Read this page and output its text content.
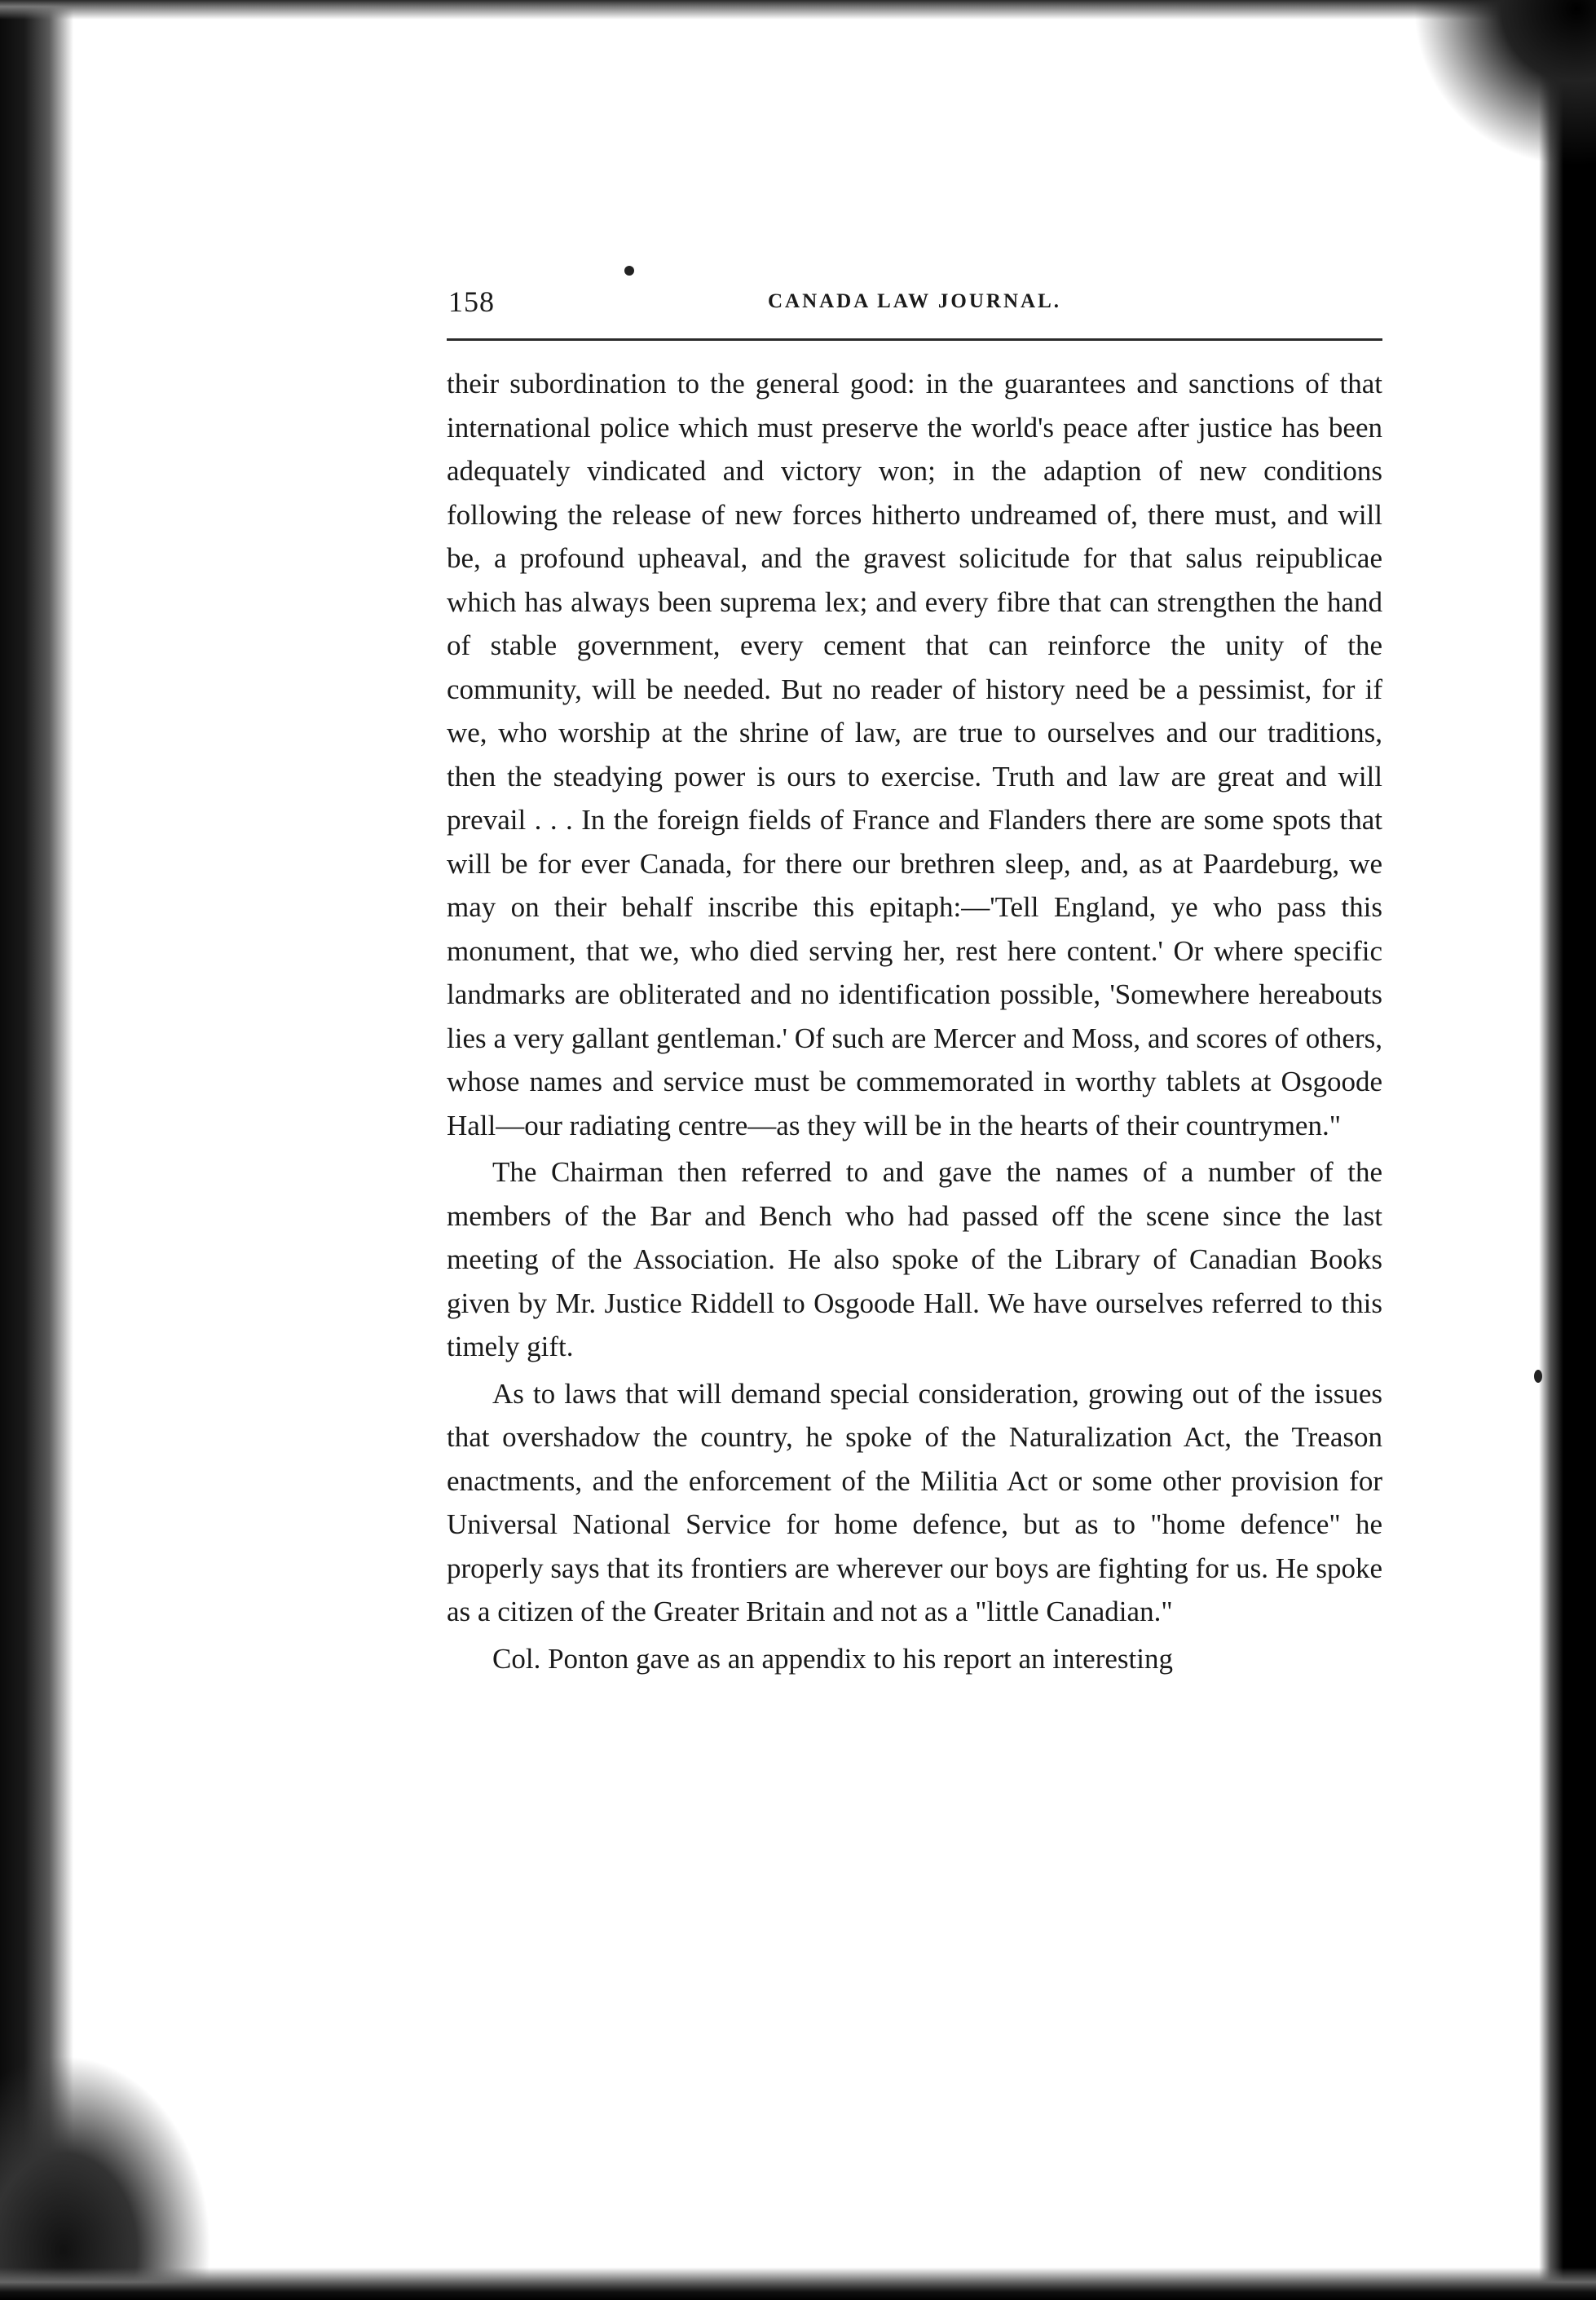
158	CANADA LAW JOURNAL.

their subordination to the general good: in the guarantees and sanctions of that international police which must preserve the world's peace after justice has been adequately vindicated and victory won; in the adaption of new conditions following the release of new forces hitherto undreamed of, there must, and will be, a profound upheaval, and the gravest solicitude for that salus reipublicae which has always been suprema lex; and every fibre that can strengthen the hand of stable government, every cement that can reinforce the unity of the community, will be needed. But no reader of history need be a pessimist, for if we, who worship at the shrine of law, are true to ourselves and our traditions, then the steadying power is ours to exercise. Truth and law are great and will prevail . . . In the foreign fields of France and Flanders there are some spots that will be for ever Canada, for there our brethren sleep, and, as at Paardeburg, we may on their behalf inscribe this epitaph:—'Tell England, ye who pass this monument, that we, who died serving her, rest here content.' Or where specific landmarks are obliterated and no identification possible, 'Somewhere hereabouts lies a very gallant gentleman.' Of such are Mercer and Moss, and scores of others, whose names and service must be commemorated in worthy tablets at Osgoode Hall—our radiating centre—as they will be in the hearts of their countrymen."

The Chairman then referred to and gave the names of a number of the members of the Bar and Bench who had passed off the scene since the last meeting of the Association. He also spoke of the Library of Canadian Books given by Mr. Justice Riddell to Osgoode Hall. We have ourselves referred to this timely gift.

As to laws that will demand special consideration, growing out of the issues that overshadow the country, he spoke of the Naturalization Act, the Treason enactments, and the enforcement of the Militia Act or some other provision for Universal National Service for home defence, but as to "home defence" he properly says that its frontiers are wherever our boys are fighting for us. He spoke as a citizen of the Greater Britain and not as a "little Canadian."

Col. Ponton gave as an appendix to his report an interesting
